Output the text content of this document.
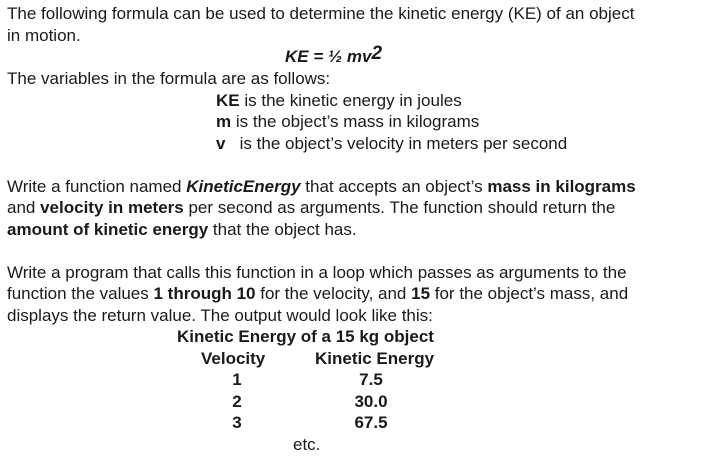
The following formula can be used to determine the kinetic energy (KE) of an object

in motion.

KE = ½ mv2

The variables in the formula are as follows:

KE is the kinetic energy in joules
m is the object’s mass in kilograms
v   is the object’s velocity in meters per second

Write a function named KineticEnergy that accepts an object’s mass in kilograms

and velocity in meters per second as arguments. The function should return the

amount of kinetic energy that the object has.

Write a program that calls this function in a loop which passes as arguments to the

function the values 1 through 10 for the velocity, and 15 for the object’s mass, and

displays the return value. The output would look like this:

Kinetic Energy of a 15 kg object
Velocity	Kinetic Energy
1	7.5
2	30.0
3	67.5
etc.
